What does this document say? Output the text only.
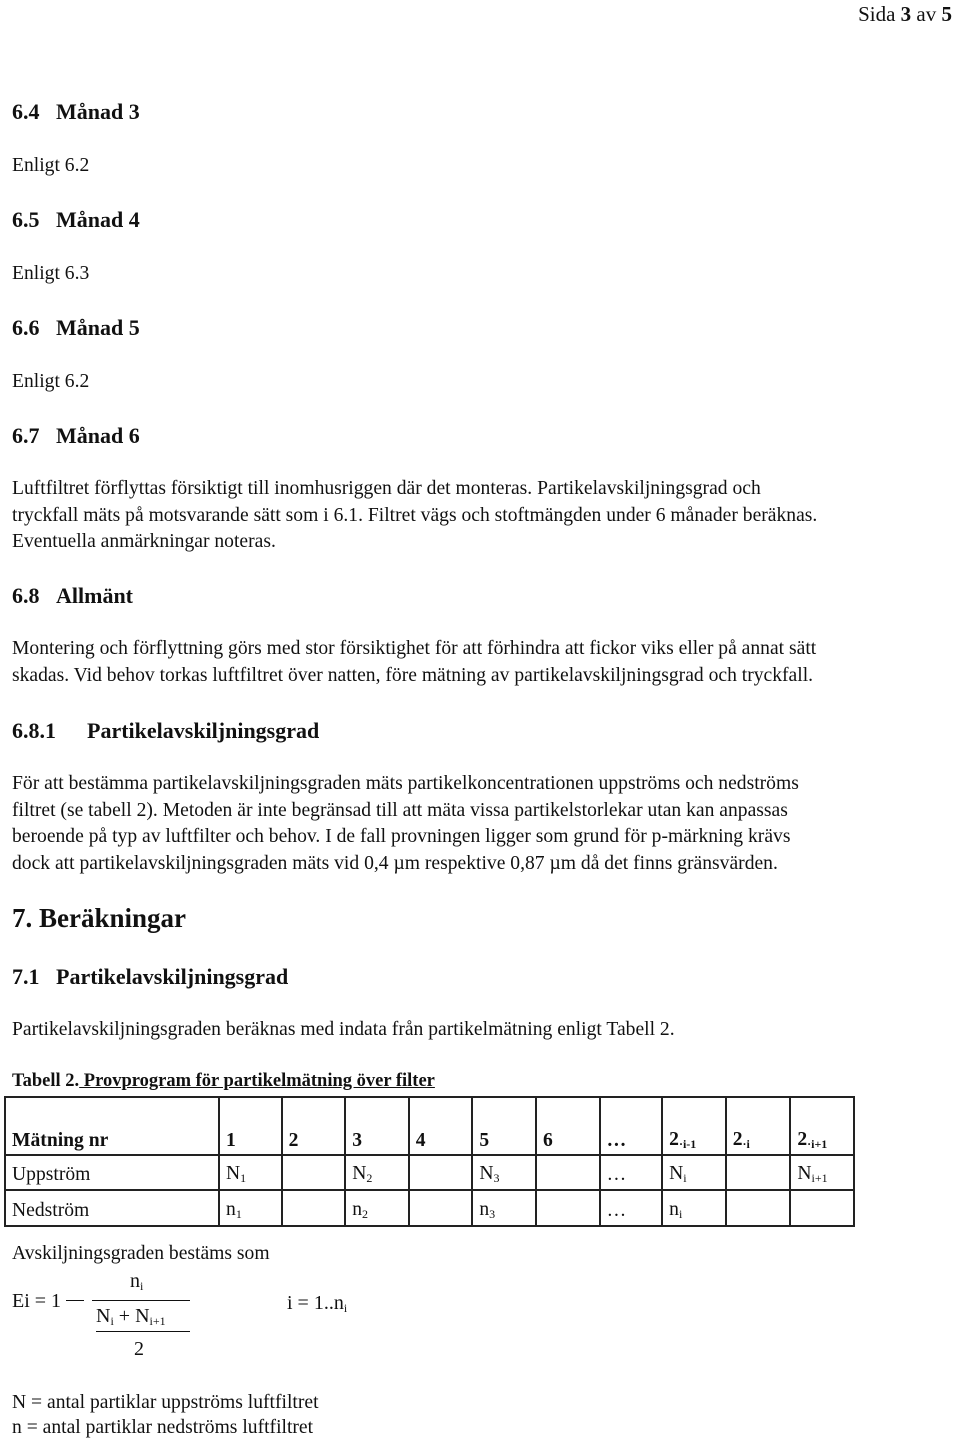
Sida 3 av 5
6.4 Månad 3
Enligt 6.2
6.5 Månad 4
Enligt 6.3
6.6 Månad 5
Enligt 6.2
6.7 Månad 6
Luftfiltret förflyttas försiktigt till inomhusriggen där det monteras. Partikelavskiljningsgrad och
tryckfall mäts på motsvarande sätt som i 6.1. Filtret vägs och stoftmängden under 6 månader beräknas.
Eventuella anmärkningar noteras.
6.8 Allmänt
Montering och förflyttning görs med stor försiktighet för att förhindra att fickor viks eller på annat sätt
skadas. Vid behov torkas luftfiltret över natten, före mätning av partikelavskiljningsgrad och tryckfall.
6.8.1 Partikelavskiljningsgrad
För att bestämma partikelavskiljningsgraden mäts partikelkoncentrationen uppströms och nedströms
filtret (se tabell 2). Metoden är inte begränsad till att mäta vissa partikelstorlekar utan kan anpassas
beroende på typ av luftfilter och behov. I de fall provningen ligger som grund för p-märkning krävs
dock att partikelavskiljningsgraden mäts vid 0,4 µm respektive 0,87 µm då det finns gränsvärden.
7. Beräkningar
7.1 Partikelavskiljningsgrad
Partikelavskiljningsgraden beräknas med indata från partikelmätning enligt Tabell 2.
Tabell 2. Provprogram för partikelmätning över filter
Mätning nr	1	2	3	4	5	6	…	$2_{\cdot i-1}$	$2_{\cdot i}$	$2_{\cdot i+1}$
Uppström	$N_1$		$N_2$		$N_3$		…	$N_i$		$N_{i+1}$
Nedström	$n_1$		$n_2$		$n_3$		…	$n_i$		
Avskiljningsgraden bestäms som
Ei = 1
ni
Ni + Ni+1
2
i = 1..ni
N = antal partiklar uppströms luftfiltret
n = antal partiklar nedströms luftfiltret
